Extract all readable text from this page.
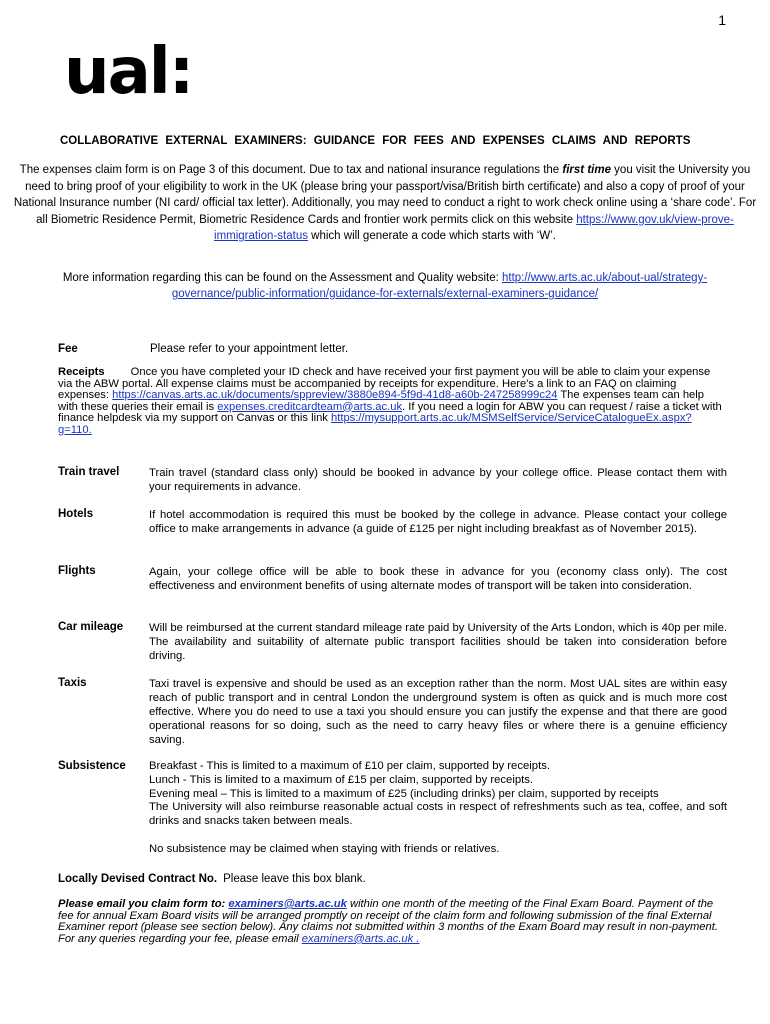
1
ual:
COLLABORATIVE EXTERNAL EXAMINERS: GUIDANCE FOR FEES AND EXPENSES CLAIMS AND REPORTS
The expenses claim form is on Page 3 of this document. Due to tax and national insurance regulations the first time you visit the University you need to bring proof of your eligibility to work in the UK (please bring your passport/visa/British birth certificate) and also a copy of proof of your National Insurance number (NI card/ official tax letter). Additionally, you may need to conduct a right to work check online using a ‘share code’. For all Biometric Residence Permit, Biometric Residence Cards and frontier work permits click on this website https://www.gov.uk/view-prove-immigration-status which will generate a code which starts with ‘W’.
More information regarding this can be found on the Assessment and Quality website: http://www.arts.ac.uk/about-ual/strategy-governance/public-information/guidance-for-externals/external-examiners-guidance/
Fee	Please refer to your appointment letter.
Receipts Once you have completed your ID check and have received your first payment you will be able to claim your expense via the ABW portal. All expense claims must be accompanied by receipts for expenditure. Here's a link to an FAQ on claiming expenses: https://canvas.arts.ac.uk/documents/sppreview/3880e894-5f9d-41d8-a60b-247258999c24 The expenses team can help with these queries their email is expenses.creditcardteam@arts.ac.uk. If you need a login for ABW you can request / raise a ticket with finance helpdesk via my support on Canvas or this link https://mysupport.arts.ac.uk/MSMSelfService/ServiceCatalogueEx.aspx?g=110.
Train travel	Train travel (standard class only) should be booked in advance by your college office. Please contact them with your requirements in advance.
Hotels	If hotel accommodation is required this must be booked by the college in advance. Please contact your college office to make arrangements in advance (a guide of £125 per night including breakfast as of November 2015).
Flights	Again, your college office will be able to book these in advance for you (economy class only). The cost effectiveness and environment benefits of using alternate modes of transport will be taken into consideration.
Car mileage	Will be reimbursed at the current standard mileage rate paid by University of the Arts London, which is 40p per mile. The availability and suitability of alternate public transport facilities should be taken into consideration before driving.
Taxis	Taxi travel is expensive and should be used as an exception rather than the norm. Most UAL sites are within easy reach of public transport and in central London the underground system is often as quick and is much more cost effective. Where you do need to use a taxi you should ensure you can justify the expense and that there are good operational reasons for so doing, such as the need to carry heavy files or where there is a genuine efficiency saving.
Subsistence	Breakfast - This is limited to a maximum of £10 per claim, supported by receipts.
Lunch - This is limited to a maximum of £15 per claim, supported by receipts.
Evening meal – This is limited to a maximum of £25 (including drinks) per claim, supported by receipts
The University will also reimburse reasonable actual costs in respect of refreshments such as tea, coffee, and soft drinks and snacks taken between meals.
No subsistence may be claimed when staying with friends or relatives.
Locally Devised Contract No. Please leave this box blank.
Please email you claim form to: examiners@arts.ac.uk within one month of the meeting of the Final Exam Board. Payment of the fee for annual Exam Board visits will be arranged promptly on receipt of the claim form and following submission of the final External Examiner report (please see section below). Any claims not submitted within 3 months of the Exam Board may result in non-payment. For any queries regarding your fee, please email examiners@arts.ac.uk .
